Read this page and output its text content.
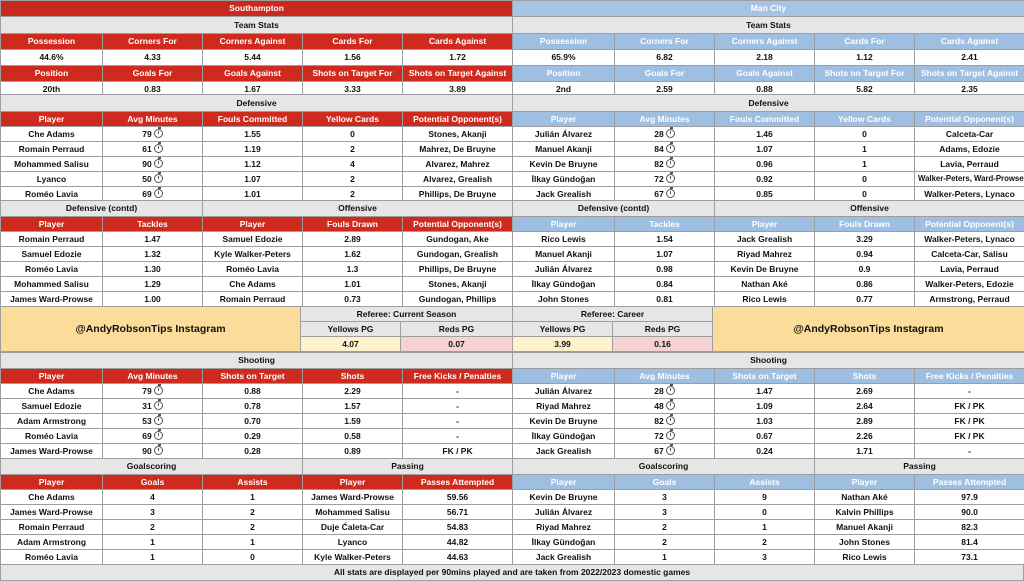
Southampton				
Team Stats				
Possession	Corners For	Corners Against	Cards For	Cards Against
44.6%	4.33	5.44	1.56	1.72
Position	Goals For	Goals Against	Shots on Target For	Shots on Target Against
20th	0.83	1.67	3.33	3.89
Man City				
Team Stats				
Possession	Corners For	Corners Against	Cards For	Cards Against
65.9%	6.82	2.18	1.12	2.41
Position	Goals For	Goals Against	Shots on Target For	Shots on Target Against
2nd	2.59	0.88	5.82	2.35
Defensive				
Player	Avg Minutes	Fouls Committed	Yellow Cards	Potential Opponent(s)
Che Adams	79	1.55	0	Stones, Akanji
Romain Perraud	61	1.19	2	Mahrez, De Bruyne
Mohammed Salisu	90	1.12	4	Alvarez, Mahrez
Lyanco	50	1.07	2	Alvarez, Grealish
Roméo Lavia	69	1.01	2	Phillips, De Bruyne
Defensive				
Player	Avg Minutes	Fouls Committed	Yellow Cards	Potential Opponent(s)
Julián Álvarez	28	1.46	0	Calceta-Car
Manuel Akanji	84	1.07	1	Adams, Edozie
Kevin De Bruyne	82	0.96	1	Lavia, Perraud
İlkay Gündoğan	72	0.92	0	Walker-Peters, Ward-Prowse
Jack Grealish	67	0.85	0	Walker-Peters, Lynaco
Defensive (contd)		Offensive		
Player	Tackles	Player	Fouls Drawn	Potential Opponent(s)
Romain Perraud	1.47	Samuel Edozie	2.89	Gundogan, Ake
Samuel Edozie	1.32	Kyle Walker-Peters	1.62	Gundogan, Grealish
Roméo Lavia	1.30	Roméo Lavia	1.3	Phillips, De Bruyne
Mohammed Salisu	1.29	Che Adams	1.01	Stones, Akanji
James Ward-Prowse	1.00	Romain Perraud	0.73	Gundogan, Phillips
Defensive (contd)		Offensive		
Player	Tackles	Player	Fouls Drawn	Potential Opponent(s)
Rico Lewis	1.54	Jack Grealish	3.29	Walker-Peters, Lynaco
Manuel Akanji	1.07	Riyad Mahrez	0.94	Calceta-Car, Salisu
Julián Álvarez	0.98	Kevin De Bruyne	0.9	Lavia, Perraud
İlkay Gündoğan	0.84	Nathan Aké	0.86	Walker-Peters, Edozie
John Stones	0.81	Rico Lewis	0.77	Armstrong, Perraud
@AndyRobsonTips Instagram	Referee: Current Season		Referee: Career		@AndyRobsonTips Instagram
	Yellows PG	Reds PG	Yellows PG	Reds PG	
	4.07	0.07	3.99	0.16	
Shooting				
Player	Avg Minutes	Shots on Target	Shots	Free Kicks / Penalties
Che Adams	79	0.88	2.29	-
Samuel Edozie	31	0.78	1.57	-
Adam Armstrong	53	0.70	1.59	-
Roméo Lavia	69	0.29	0.58	-
James Ward-Prowse	90	0.28	0.89	FK / PK
Shooting				
Player	Avg Minutes	Shots on Target	Shots	Free Kicks / Penalties
Julián Álvarez	28	1.47	2.69	-
Riyad Mahrez	48	1.09	2.64	FK / PK
Kevin De Bruyne	82	1.03	2.89	FK / PK
İlkay Gündoğan	72	0.67	2.26	FK / PK
Jack Grealish	67	0.24	1.71	-
Goalscoring			Passing	
Player	Goals	Assists	Player	Passes Attempted
Che Adams	4	1	James Ward-Prowse	59.56
James Ward-Prowse	3	2	Mohammed Salisu	56.71
Romain Perraud	2	2	Duje Ćaleta-Car	54.83
Adam Armstrong	1	1	Lyanco	44.82
Roméo Lavia	1	0	Kyle Walker-Peters	44.63
Goalscoring			Passing	
Player	Goals	Assists	Player	Passes Attempted
Kevin De Bruyne	3	9	Nathan Aké	97.9
Julián Álvarez	3	0	Kalvin Phillips	90.0
Riyad Mahrez	2	1	Manuel Akanji	82.3
İlkay Gündoğan	2	2	John Stones	81.4
Jack Grealish	1	3	Rico Lewis	73.1
All stats are displayed per 90mins played and are taken from 2022/2023 domestic games
